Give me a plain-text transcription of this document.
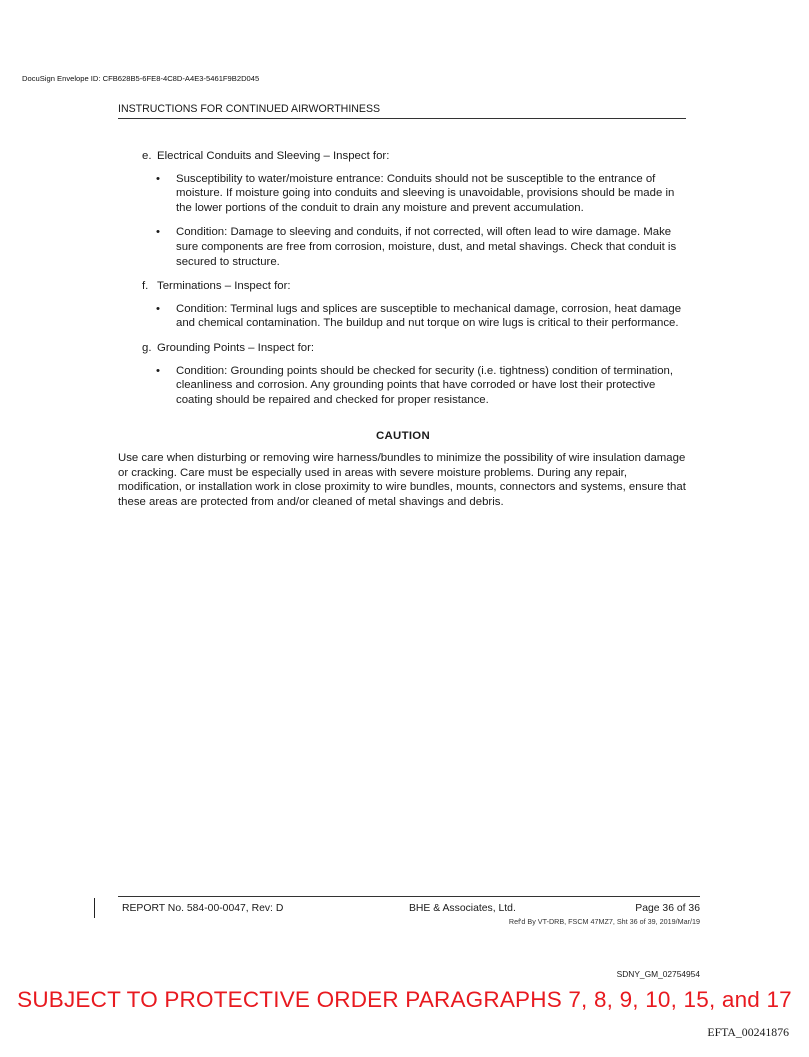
DocuSign Envelope ID: CFB628B5-6FE8-4C8D-A4E3-5461F9B2D045
INSTRUCTIONS FOR CONTINUED AIRWORTHINESS
e. Electrical Conduits and Sleeving – Inspect for:
• Susceptibility to water/moisture entrance: Conduits should not be susceptible to the entrance of moisture. If moisture going into conduits and sleeving is unavoidable, provisions should be made in the lower portions of the conduit to drain any moisture and prevent accumulation.
• Condition: Damage to sleeving and conduits, if not corrected, will often lead to wire damage. Make sure components are free from corrosion, moisture, dust, and metal shavings. Check that conduit is secured to structure.
f. Terminations – Inspect for:
• Condition: Terminal lugs and splices are susceptible to mechanical damage, corrosion, heat damage and chemical contamination. The buildup and nut torque on wire lugs is critical to their performance.
g. Grounding Points – Inspect for:
• Condition: Grounding points should be checked for security (i.e. tightness) condition of termination, cleanliness and corrosion. Any grounding points that have corroded or have lost their protective coating should be repaired and checked for proper resistance.
CAUTION

Use care when disturbing or removing wire harness/bundles to minimize the possibility of wire insulation damage or cracking. Care must be especially used in areas with severe moisture problems. During any repair, modification, or installation work in close proximity to wire bundles, mounts, connectors and systems, ensure that these areas are protected from and/or cleaned of metal shavings and debris.

REPORT No. 584-00-0047, Rev: D	BHE & Associates, Ltd.	Page 36 of 36
Ref'd By VT-DRB, FSCM 47MZ7, Sht 36 of 39, 2019/Mar/19
SDNY_GM_02754954
SUBJECT TO PROTECTIVE ORDER PARAGRAPHS 7, 8, 9, 10, 15, and 17
EFTA_00241876
